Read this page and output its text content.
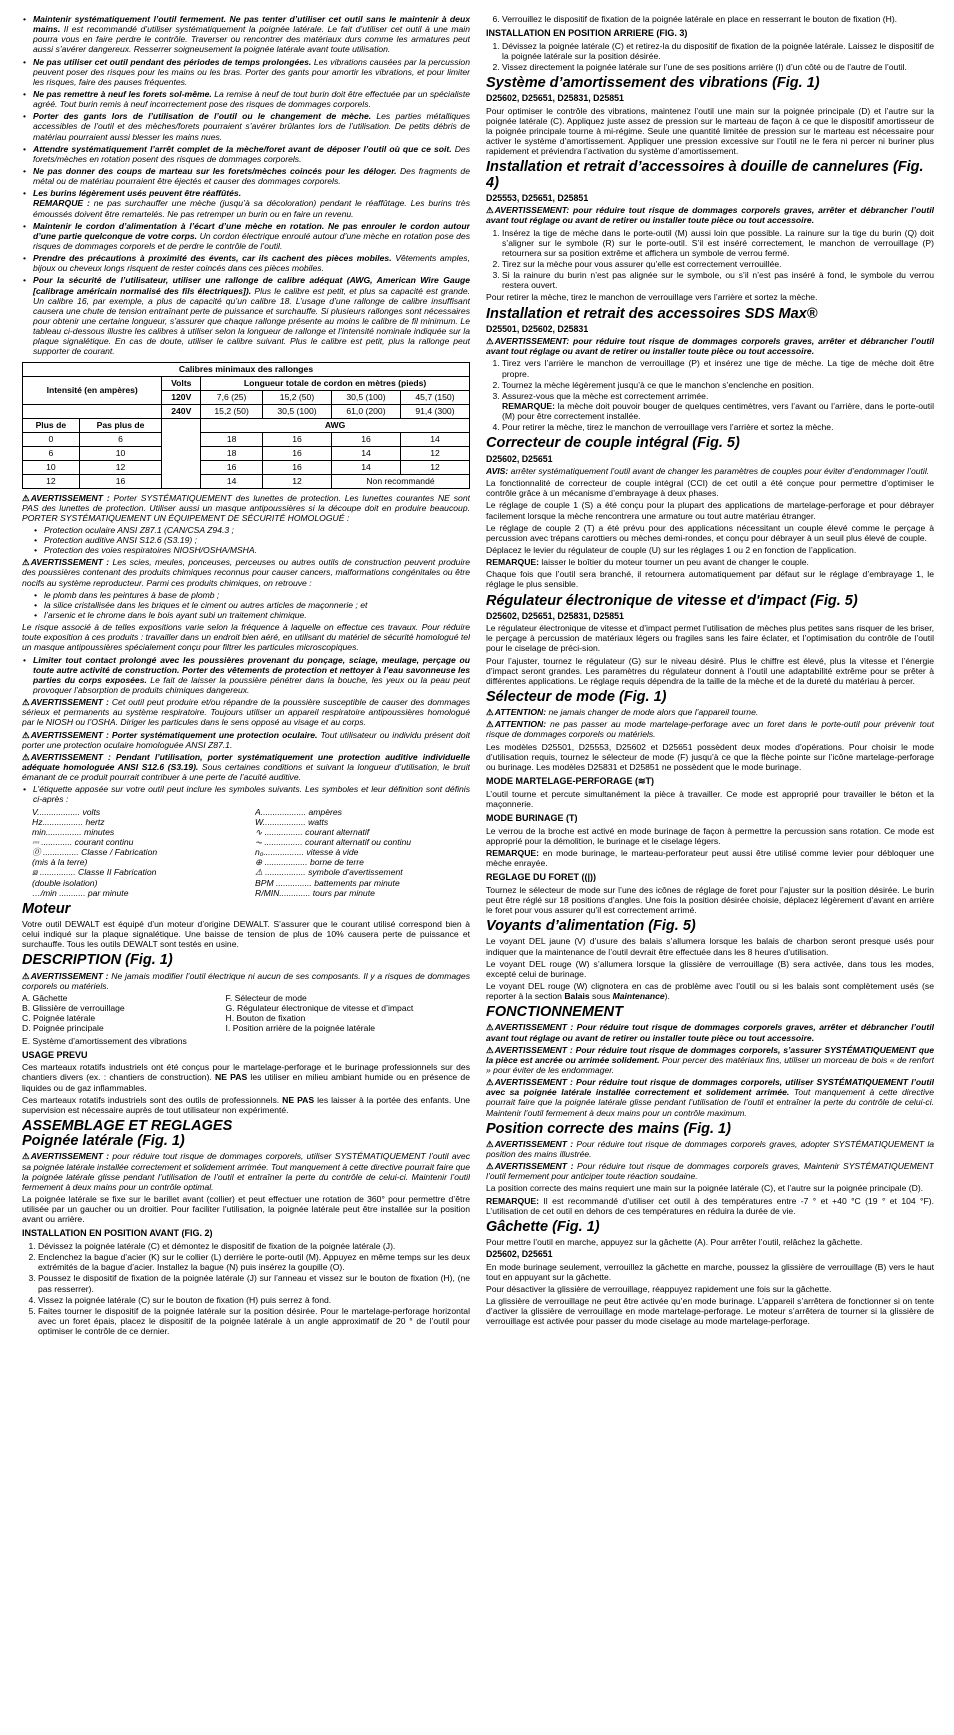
• Maintenir systématiquement l’outil fermement. Ne pas tenter d’utiliser cet outil sans le maintenir à deux mains. Il est recommandé d’utiliser systématiquement la poignée latérale. Le fait d’utiliser cet outil à une main pourra vous en faire perdre le contrôle. Traverser ou rencontrer des matériaux durs comme les armatures peut aussi s’avérer dangereux. Resserrer soigneusement la poignée latérale avant toute utilisation.
• Ne pas utiliser cet outil pendant des périodes de temps prolongées. Les vibrations causées par la percussion peuvent poser des risques pour les mains ou les bras. Porter des gants pour amortir les vibrations, et pour limiter les risques, faire des pauses fréquentes.
• Ne pas remettre à neuf les forets sol-même. La remise à neuf de tout burin doit être effectuée par un spécialiste agréé. Tout burin remis à neuf incorrectement pose des risques de dommages corporels.
• Porter des gants lors de l’utilisation de l’outil ou le changement de mèche. Les parties métalliques accessibles de l’outil et des mèches/forets pourraient s’avérer brûlantes lors de l’utilisation. De petits débris de matériau pourraient aussi blesser les mains nues.
• Attendre systématiquement l’arrêt complet de la mèche/foret avant de déposer l’outil où que ce soit. Des forets/mèches en rotation posent des risques de dommages corporels.
• Ne pas donner des coups de marteau sur les forets/mèches coincés pour les déloger. Des fragments de métal ou de matériau pourraient être éjectés et causer des dommages corporels.
• Les burins légèrement usés peuvent être réaffûtés.
REMARQUE : ne pas surchauffer une mèche (jusqu’à sa décoloration) pendant le réaffûtage. Les burins très émoussés doivent être remartelés. Ne pas retremper un burin ou en faire un revenu.
• Maintenir le cordon d’alimentation à l’écart d’une mèche en rotation. Ne pas enrouler le cordon autour d’une partie quelconque de votre corps. Un cordon électrique enroulé autour d’une mèche en rotation pose des risques de dommages corporels et de perdre le contrôle de l’outil.
• Prendre des précautions à proximité des évents, car ils cachent des pièces mobiles. Vêtements amples, bijoux ou cheveux longs risquent de rester coincés dans ces pièces mobiles.
• Pour la sécurité de l’utilisateur, utiliser une rallonge de calibre adéquat (AWG, American Wire Gauge [calibrage américain normalisé des fils électriques]). Plus le calibre est petit, et plus sa capacité est grande. Un calibre 16, par exemple, a plus de capacité qu’un calibre 18. L’usage d’une rallonge de calibre insuffisant causera une chute de tension entraînant perte de puissance et surchauffe. Si plusieurs rallonges sont nécessaires pour obtenir une certaine longueur, s’assurer que chaque rallonge présente au moins le calibre de fil minimum. Le tableau ci-dessous illustre les calibres à utiliser selon la longueur de rallonge et l’intensité nominale indiquée sur la plaque signalétique. En cas de doute, utiliser le calibre suivant. Plus le calibre est petit, plus la rallonge peut supporter de courant.
Calibres minimaux des rallonges						
Intensité (en ampères)		Volts	Longueur totale de cordon en mètres (pieds)			
		120V	7,6 (25)	15,2 (50)	30,5 (100)	45,7 (150)
		240V	15,2 (50)	30,5 (100)	61,0 (200)	91,4 (300)
Plus de	Pas plus de		AWG			
0	6		18	16	16	14
6	10		18	16	14	12
10	12		16	16	14	12
12	16		14	12	Non recommandé	

⚠AVERTISSEMENT : Porter SYSTÉMATIQUEMENT des lunettes de protection. Les lunettes courantes NE sont PAS des lunettes de protection. Utiliser aussi un masque antipoussières si la découpe doit en produire beaucoup. PORTER SYSTÉMATIQUEMENT UN ÉQUIPEMENT DE SÉCURITÉ HOMOLOGUÉ :

• Protection oculaire ANSI Z87.1 (CAN/CSA Z94.3 ;
• Protection auditive ANSI S12.6 (S3.19) ;
• Protection des voies respiratoires NIOSH/OSHA/MSHA.

⚠AVERTISSEMENT : Les scies, meules, ponceuses, perceuses ou autres outils de construction peuvent produire des poussières contenant des produits chimiques reconnus pour causer cancers, malformations congénitales ou être nocifs au système reproducteur. Parmi ces produits chimiques, on retrouve :

• le plomb dans les peintures à base de plomb ;
• la silice cristallisée dans les briques et le ciment ou autres articles de maçonnerie ; et
• l’arsenic et le chrome dans le bois ayant subi un traitement chimique.

Le risque associé à de telles expositions varie selon la fréquence à laquelle on effectue ces travaux. Pour réduire toute exposition à ces produits : travailler dans un endroit bien aéré, en utilisant du matériel de sécurité homologué tel un masque antipoussières spécialement conçu pour filtrer les particules microscopiques.

• Limiter tout contact prolongé avec les poussières provenant du ponçage, sciage, meulage, perçage ou toute autre activité de construction. Porter des vêtements de protection et nettoyer à l’eau savonneuse les parties du corps exposées. Le fait de laisser la poussière pénétrer dans la bouche, les yeux ou la peau peut provoquer l’absorption de produits chimiques dangereux.

⚠AVERTISSEMENT : Cet outil peut produire et/ou répandre de la poussière susceptible de causer des dommages sérieux et permanents au système respiratoire. Toujours utiliser un appareil respiratoire antipoussières homologué par le NIOSH ou l’OSHA. Diriger les particules dans le sens opposé au visage et au corps.

⚠AVERTISSEMENT : Porter systématiquement une protection oculaire. Tout utilisateur ou individu présent doit porter une protection oculaire homologuée ANSI Z87.1.

⚠AVERTISSEMENT : Pendant l’utilisation, porter systématiquement une protection auditive individuelle adéquate homologuée ANSI S12.6 (S3.19). Sous certaines conditions et suivant la longueur d’utilisation, le bruit émanant de ce produit pourrait contribuer à une perte de l’acuité auditive.

• L’étiquette apposée sur votre outil peut inclure les symboles suivants. Les symboles et leur définition sont définis ci-après :
V.................. volts	A................... ampères
Hz................. hertz	W.................. watts
min............... minutes	∿ ................ courant alternatif
⎓ ............. courant continu	⏦ ................ courant alternatif ou continu
⓪ ............... Classe / Fabrication	n₀................. vitesse à vide
(mis à la terre)	⊕ .................. borne de terre
⧈ ............... Classe II Fabrication	⚠ ................. symbole d’avertissement
(double isolation)	BPM ............... battements par minute
…/min ........... par minute	R/MIN............. tours par minute
Moteur

Votre outil DEWALT est équipé d’un moteur d’origine DEWALT. S’assurer que le courant utilisé correspond bien à celui indiqué sur la plaque signalétique. Une baisse de tension de plus de 10% causera perte de puissance et surchauffe. Tous les outils DEWALT sont testés en usine.

DESCRIPTION (Fig. 1)

⚠AVERTISSEMENT : Ne jamais modifier l’outil électrique ni aucun de ses composants. Il y a risques de dommages corporels ou matériels.

A. Gâchette	F. Sélecteur de mode
B. Glissière de verrouillage	G. Régulateur électronique de vitesse et d’impact
C. Poignée latérale	H. Bouton de fixation
D. Poignée principale	I. Position arrière de la poignée latérale

E. Système d’amortissement des vibrations

USAGE PREVU

Ces marteaux rotatifs industriels ont été conçus pour le martelage-perforage et le burinage professionnels sur des chantiers divers (ex. : chantiers de construction). NE PAS les utiliser en milieu ambiant humide ou en présence de liquides ou de gaz inflammables.

Ces marteaux rotatifs industriels sont des outils de professionnels. NE PAS les laisser à la portée des enfants. Une supervision est nécessaire auprès de tout utilisateur non expérimenté.

ASSEMBLAGE ET REGLAGES
Poignée latérale (Fig. 1)

⚠AVERTISSEMENT : pour réduire tout risque de dommages corporels, utiliser SYSTÉMATIQUEMENT l’outil avec sa poignée latérale installée correctement et solidement arrimée. Tout manquement à cette directive pourrait faire que la poignée latérale glisse pendant l’utilisation de l’outil et entraîner la perte du contrôle de celui-ci. Maintenir l’outil fermement à deux mains pour un contrôle optimal.

La poignée latérale se fixe sur le barillet avant (collier) et peut effectuer une rotation de 360° pour permettre d’être utilisée par un gaucher ou un droitier. Pour faciliter l’utilisation, la poignée latérale peut être installée sur la position avant ou arrière.

INSTALLATION EN POSITION AVANT (FIG. 2)
1. Dévissez la poignée latérale (C) et démontez le dispositif de fixation de la poignée latérale (J).
2. Enclenchez la bague d’acier (K) sur le collier (L) derrière le porte-outil (M). Appuyez en même temps sur les deux extrémités de la bague d’acier. Installez la bague (N) puis insérez la goupille (O).
3. Poussez le dispositif de fixation de la poignée latérale (J) sur l’anneau et vissez sur le bouton de fixation (H), (ne pas resserrer).
4. Vissez la poignée latérale (C) sur le bouton de fixation (H) puis serrez à fond.
5. Faites tourner le dispositif de la poignée latérale sur la position désirée. Pour le martelage-perforage horizontal avec un foret épais, placez le dispositif de la poignée latérale à un angle approximatif de 20 ° de l’outil pour optimiser le contrôle de ce dernier.
6. Verrouillez le dispositif de fixation de la poignée latérale en place en resserrant le bouton de fixation (H).
INSTALLATION EN POSITION ARRIERE (FIG. 3)
1. Dévissez la poignée latérale (C) et retirez-la du dispositif de fixation de la poignée latérale. Laissez le dispositif de la poignée latérale sur la position désirée.
2. Vissez directement la poignée latérale sur l’une de ses positions arrière (I) d’un côté ou de l’autre de l’outil.
Système d’amortissement des vibrations (Fig. 1)

D25602, D25651, D25831, D25851

Pour optimiser le contrôle des vibrations, maintenez l’outil une main sur la poignée principale (D) et l’autre sur la poignée latérale (C). Appliquez juste assez de pression sur le marteau de façon à ce que le dispositif amortisseur de la poignée principale tourne à mi-régime. Seule une quantité limitée de pression sur le marteau est nécessaire pour activer le système d’amortissement. Appliquer une pression excessive sur l’outil ne le fera ni percer ni buriner plus rapidement et préviendra l’activation du système d’amortissement.

Installation et retrait d’accessoires à douille de cannelures (Fig. 4)

D25553, D25651, D25851

⚠AVERTISSEMENT: pour réduire tout risque de dommages corporels graves, arrêter et débrancher l’outil avant tout réglage ou avant de retirer ou installer toute pièce ou tout accessoire.

1. Insérez la tige de mèche dans le porte-outil (M) aussi loin que possible. La rainure sur la tige du burin (Q) doit s’aligner sur le symbole (R) sur le porte-outil. S’il est inséré correctement, le manchon de verrouillage (P) retournera sur sa position extrême et affichera un symbole de verrou fermé.
2. Tirez sur la mèche pour vous assurer qu’elle est correctement verrouillée.
3. Si la rainure du burin n’est pas alignée sur le symbole, ou s’il n’est pas inséré à fond, le symbole du verrou restera ouvert.

Pour retirer la mèche, tirez le manchon de verrouillage vers l’arrière et sortez la mèche.

Installation et retrait des accessoires SDS Max®

D25501, D25602, D25831

⚠AVERTISSEMENT: pour réduire tout risque de dommages corporels graves, arrêter et débrancher l’outil avant tout réglage ou avant de retirer ou installer toute pièce ou tout accessoire.

1. Tirez vers l’arrière le manchon de verrouillage (P) et insérez une tige de mèche. La tige de mèche doit être propre.
2. Tournez la mèche légèrement jusqu’à ce que le manchon s’enclenche en position.
3. Assurez-vous que la mèche est correctement arrimée.
REMARQUE: la mèche doit pouvoir bouger de quelques centimètres, vers l’avant ou l’arrière, dans le porte-outil (M) pour être correctement installée.
4. Pour retirer la mèche, tirez le manchon de verrouillage vers l’arrière et sortez la mèche.
Correcteur de couple intégral (Fig. 5)

D25602, D25651

AVIS: arrêter systématiquement l’outil avant de changer les paramètres de couples pour éviter d’endommager l’outil.

La fonctionnalité de correcteur de couple intégral (CCI) de cet outil a été conçue pour permettre d’optimiser le contrôle grâce à un mécanisme d’embrayage à deux phases.

Le réglage de couple 1 (S) a été conçu pour la plupart des applications de martelage-perforage et pour débrayer facilement lorsque la mèche rencontrera une armature ou tout autre matériau étranger.

Le réglage de couple 2 (T) a été prévu pour des applications nécessitant un couple élevé comme le perçage à percussion avec trépans carottiers ou mèches demi-rondes, et conçu pour débrayer à un seuil plus élevé de couple.

Déplacez le levier du régulateur de couple (U) sur les réglages 1 ou 2 en fonction de l’application.

REMARQUE: laisser le boîtier du moteur tourner un peu avant de changer le couple.

Chaque fois que l’outil sera branché, il retournera automatiquement par défaut sur le réglage d’embrayage 1, le réglage le plus sensible.

Régulateur électronique de vitesse et d'impact (Fig. 5)

D25602, D25651, D25831, D25851

Le régulateur électronique de vitesse et d’impact permet l’utilisation de mèches plus petites sans risquer de les briser, le perçage à percussion de matériaux légers ou fragiles sans les faire éclater, et l’optimisation du contrôle de l’outil pour le ciselage de préci-sion.

Pour l’ajuster, tournez le régulateur (G) sur le niveau désiré. Plus le chiffre est élevé, plus la vitesse et l’énergie d’impact seront grandes. Les paramètres du régulateur donnent à l’outil une adaptabilité extrême pour se prêter à différentes applications. Le réglage requis dépendra de la taille de la mèche et de la dureté du matériau à percer.

Sélecteur de mode (Fig. 1)

⚠ATTENTION: ne jamais changer de mode alors que l’appareil tourne.

⚠ATTENTION: ne pas passer au mode martelage-perforage avec un foret dans le porte-outil pour prévenir tout risque de dommages corporels ou matériels.

Les modèles D25501, D25553, D25602 et D25651 possèdent deux modes d’opérations. Pour choisir le mode d’utilisation requis, tournez le sélecteur de mode (F) jusqu’à ce que la flèche pointe sur l’icône martelage-perforage ou burinage. Les modèles D25831 et D25851 ne possèdent que le mode burinage.

MODE MARTELAGE-PERFORAGE (≋T)

L’outil tourne et percute simultanément la pièce à travailler. Ce mode est approprié pour travailler le béton et la maçonnerie.

MODE BURINAGE (T)

Le verrou de la broche est activé en mode burinage de façon à permettre la percussion sans rotation. Ce mode est approprié pour la démolition, le burinage et le ciselage légers.

REMARQUE: en mode burinage, le marteau-perforateur peut aussi être utilisé comme levier pour débloquer une mèche enrayée.

REGLAGE DU FORET ((|))

Tournez le sélecteur de mode sur l’une des icônes de réglage de foret pour l’ajuster sur la position désirée. Le burin peut être réglé sur 18 positions d’angles. Une fois la position désirée choisie, déplacez légèrement d’avant en arrière le foret pour vous assurer qu’il est correctement arrimé.

Voyants d’alimentation (Fig. 5)

Le voyant DEL jaune (V) d’usure des balais s’allumera lorsque les balais de charbon seront presque usés pour indiquer que la maintenance de l’outil devrait être effectuée dans les 8 heures d’utilisation.

Le voyant DEL rouge (W) s’allumera lorsque la glissière de verrouillage (B) sera activée, dans tous les modes, excepté celui de burinage.

Le voyant DEL rouge (W) clignotera en cas de problème avec l’outil ou si les balais sont complètement usés (se reporter à la section Balais sous Maintenance).

FONCTIONNEMENT

⚠AVERTISSEMENT : Pour réduire tout risque de dommages corporels graves, arrêter et débrancher l’outil avant tout réglage ou avant de retirer ou installer toute pièce ou tout accessoire.

⚠AVERTISSEMENT : Pour réduire tout risque de dommages corporels, s’assurer SYSTÉMATIQUEMENT que la pièce est ancrée ou arrimée solidement. Pour percer des matériaux fins, utiliser un morceau de bois « de renfort » pour éviter de les endommager.

⚠AVERTISSEMENT : Pour réduire tout risque de dommages corporels, utiliser SYSTÉMATIQUEMENT l’outil avec sa poignée latérale installée correctement et solidement arrimée. Tout manquement à cette directive pourrait faire que la poignée latérale glisse pendant l’utilisation de l’outil et entraîner la perte du contrôle de celui-ci. Maintenir l’outil fermement à deux mains pour un contrôle maximum.

Position correcte des mains (Fig. 1)

⚠AVERTISSEMENT : Pour réduire tout risque de dommages corporels graves, adopter SYSTÉMATIQUEMENT la position des mains illustrée.

⚠AVERTISSEMENT : Pour réduire tout risque de dommages corporels graves, Maintenir SYSTÉMATIQUEMENT l’outil fermement pour anticiper toute réaction soudaine.

La position correcte des mains requiert une main sur la poignée latérale (C), et l’autre sur la poignée principale (D).

REMARQUE: Il est recommandé d’utiliser cet outil à des températures entre -7 ° et +40 °C (19 ° et 104 °F). L’utilisation de cet outil en dehors de ces températures en réduira la durée de vie.

Gâchette (Fig. 1)

Pour mettre l’outil en marche, appuyez sur la gâchette (A). Pour arrêter l’outil, relâchez la gâchette.

D25602, D25651

En mode burinage seulement, verrouillez la gâchette en marche, poussez la glissière de verrouillage (B) vers le haut tout en appuyant sur la gâchette.

Pour désactiver la glissière de verrouillage, réappuyez rapidement une fois sur la gâchette.

La glissière de verrouillage ne peut être activée qu’en mode burinage. L’appareil s’arrêtera de fonctionner si on tente d’activer la glissière de verrouillage en mode martelage-perforage. Le moteur s’arrêtera de tourner si la glissière de verrouillage est activée pour passer du mode ciselage au mode martelage-perforage.
